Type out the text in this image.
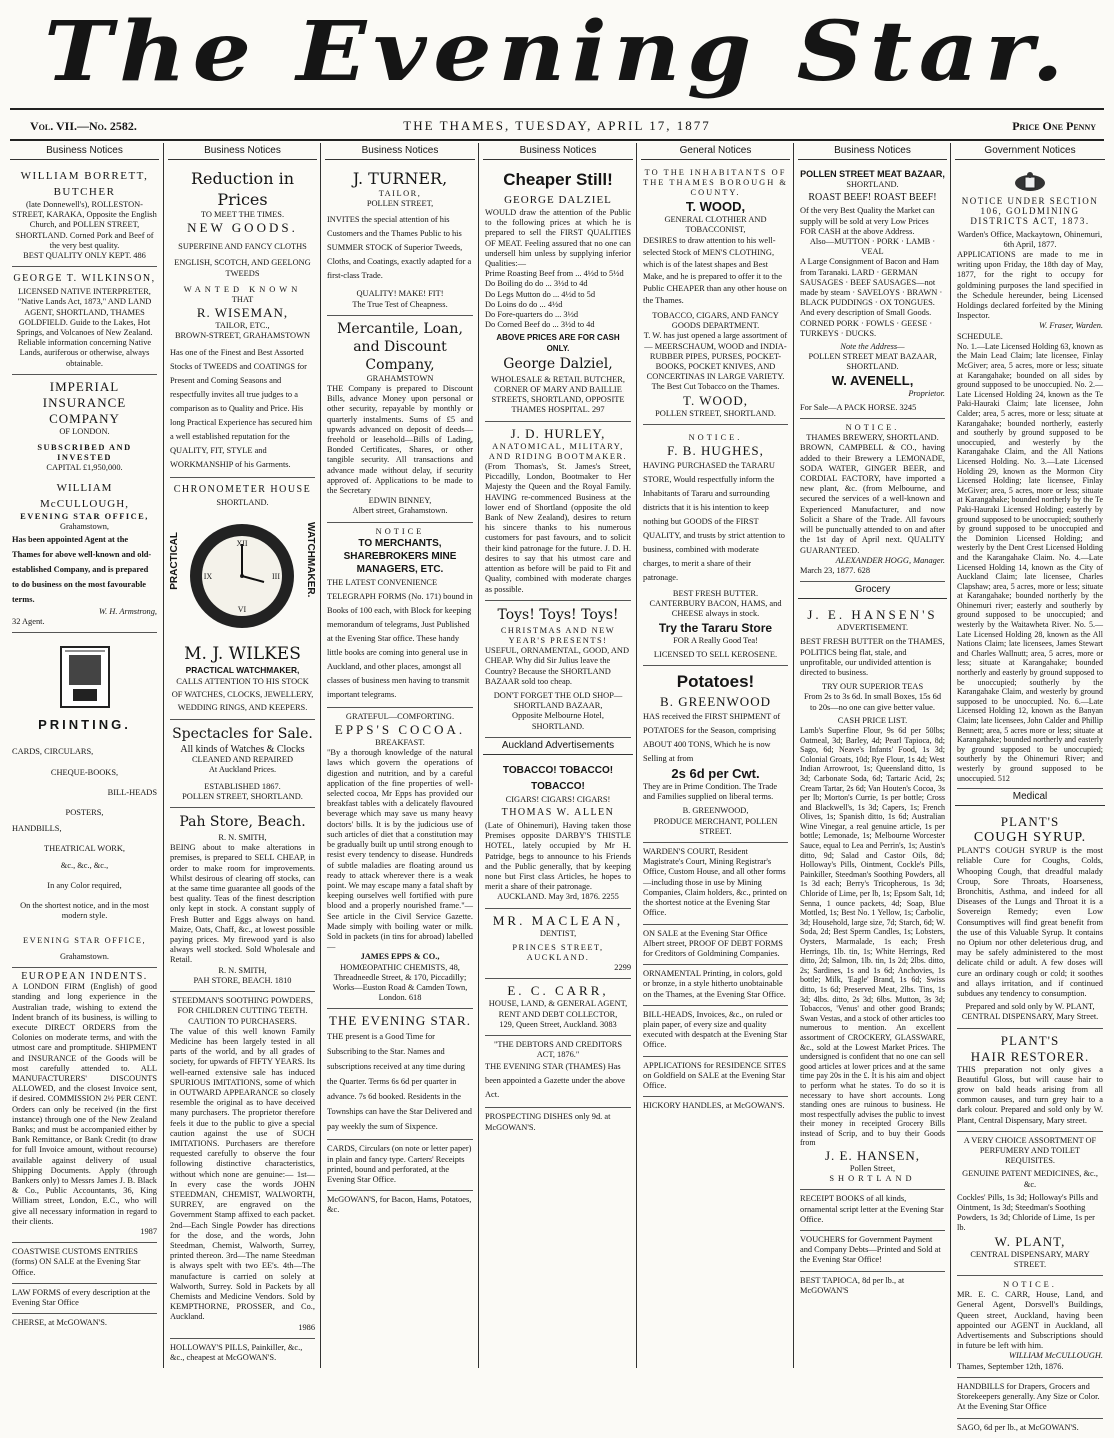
The Evening Star.
Vol. VII.—No. 2582.	THE THAMES, TUESDAY, APRIL 17, 1877	Price One Penny
Business Notices

WILLIAM BORRETT, BUTCHER

(late Donnewell's), ROLLESTON-STREET, KARAKA, Opposite the English Church, and POLLEN STREET, SHORTLAND. Corned Pork and Beef of the very best quality.

BEST QUALITY ONLY KEPT. 486

GEORGE T. WILKINSON,

LICENSED NATIVE INTERPRETER, "Native Lands Act, 1873," AND LAND AGENT, SHORTLAND, THAMES GOLDFIELD. Guide to the Lakes, Hot Springs, and Volcanoes of New Zealand. Reliable information concerning Native Lands, auriferous or otherwise, always obtainable.

IMPERIAL

INSURANCE COMPANY

OF LONDON.

SUBSCRIBED AND INVESTED

CAPITAL £1,950,000.

WILLIAM McCULLOUGH,

EVENING STAR OFFICE,

Grahamstown,

Has been appointed Agent at the Thames for above well-known and old-established Company, and is prepared to do business on the most favourable terms.

W. H. Armstrong,

32 Agent.

PRINTING.

CARDS, CIRCULARS,

CHEQUE-BOOKS,

BILL-HEADS

POSTERS,

HANDBILLS,

THEATRICAL WORK,

&c., &c., &c.,

In any Color required,

On the shortest notice, and in the most modern style.

EVENING STAR OFFICE,

Grahamstown.

EUROPEAN INDENTS.

A LONDON FIRM (English) of good standing and long experience in the Australian trade, wishing to extend the Indent branch of its business, is willing to execute DIRECT ORDERS from the Colonies on moderate terms, and with the utmost care and promptitude. SHIPMENT and INSURANCE of the Goods will be most carefully attended to. ALL MANUFACTURERS' DISCOUNTS ALLOWED, and the closest Invoice sent, if desired. COMMISSION 2½ PER CENT. Orders can only be received (in the first instance) through one of the New Zealand Banks; and must be accompanied either by Bank Remittance, or Bank Credit (to draw for full Invoice amount, without recourse) available against delivery of usual Shipping Documents. Apply (through Bankers only) to Messrs James J. B. Black & Co., Public Accountants, 36, King William street, London, E.C., who will give all necessary information in regard to their clients.

1987

COASTWISE CUSTOMS ENTRIES (forms) ON SALE at the Evening Star Office.

LAW FORMS of every description at the Evening Star Office

CHERSE, at McGOWAN'S.

Business Notices

Reduction in Prices

TO MEET THE TIMES.

NEW GOODS.

SUPERFINE AND FANCY CLOTHS

ENGLISH, SCOTCH, AND GEELONG TWEEDS

WANTED KNOWN

THAT

R. WISEMAN,

TAILOR, ETC.,

BROWN-STREET, GRAHAMSTOWN

Has one of the Finest and Best Assorted Stocks of TWEEDS and COATINGS for Present and Coming Seasons and respectfully invites all true judges to a comparison as to Quality and Price. His long Practical Experience has secured him a well established reputation for the QUALITY, FIT, STYLE and WORKMANSHIP of his Garments.

CHRONOMETER HOUSE

SHORTLAND.

PRACTICAL	XII
III
VI
IX	WATCHMAKER.

M. J. WILKES

PRACTICAL WATCHMAKER,

CALLS ATTENTION TO HIS STOCK OF WATCHES, CLOCKS, JEWELLERY, WEDDING RINGS, AND KEEPERS.

Spectacles for Sale.

All kinds of Watches & Clocks

CLEANED AND REPAIRED

At Auckland Prices.

ESTABLISHED 1867.

POLLEN STREET, SHORTLAND.

Pah Store, Beach.

R. N. SMITH,

BEING about to make alterations in premises, is prepared to SELL CHEAP, in order to make room for improvements. Whilst desirous of clearing off stocks, can at the same time guarantee all goods of the best quality. Teas of the finest description only kept in stock. A constant supply of Fresh Butter and Eggs always on hand. Maize, Oats, Chaff, &c., at lowest possible paying prices. My firewood yard is also always well stocked. Sold Wholesale and Retail.

R. N. SMITH,

PAH STORE, BEACH. 1810

STEEDMAN'S SOOTHING POWDERS, FOR CHILDREN CUTTING TEETH.

CAUTION TO PURCHASERS.

The value of this well known Family Medicine has been largely tested in all parts of the world, and by all grades of society, for upwards of FIFTY YEARS. Its well-earned extensive sale has induced SPURIOUS IMITATIONS, some of which in OUTWARD APPEARANCE so closely resemble the original as to have deceived many purchasers. The proprietor therefore feels it due to the public to give a special caution against the use of SUCH IMITATIONS. Purchasers are therefore requested carefully to observe the four following distinctive characteristics, without which none are genuine:— 1st—In every case the words JOHN STEEDMAN, CHEMIST, WALWORTH, SURREY, are engraved on the Government Stamp affixed to each packet. 2nd—Each Single Powder has directions for the dose, and the words, John Steedman, Chemist, Walworth, Surrey, printed thereon. 3rd—The name Steedman is always spelt with two EE's. 4th—The manufacture is carried on solely at Walworth, Surrey. Sold in Packets by all Chemists and Medicine Vendors. Sold by KEMPTHORNE, PROSSER, and Co., Auckland.

1986

HOLLOWAY'S PILLS, Painkiller, &c., &c., cheapest at McGOWAN'S.

Business Notices

J. TURNER,

TAILOR,

POLLEN STREET,

INVITES the special attention of his Customers and the Thames Public to his SUMMER STOCK of Superior Tweeds, Cloths, and Coatings, exactly adapted for a first-class Trade.

QUALITY! MAKE! FIT!

The True Test of Cheapness.

Mercantile, Loan, and Discount Company,

GRAHAMSTOWN

THE Company is prepared to Discount Bills, advance Money upon personal or other security, repayable by monthly or quarterly instalments. Sums of £5 and upwards advanced on deposit of deeds—freehold or leasehold—Bills of Lading, Bonded Certificates, Shares, or other tangible security. All transactions and advance made without delay, if security approved of. Applications to be made to the Secretary

EDWIN BINNEY,

Albert street, Grahamstown.

NOTICE

TO MERCHANTS, SHAREBROKERS MINE MANAGERS, ETC.

THE LATEST CONVENIENCE TELEGRAPH FORMS (No. 171) bound in Books of 100 each, with Block for keeping memorandum of telegrams, Just Published at the Evening Star office. These handy little books are coming into general use in Auckland, and other places, amongst all classes of business men having to transmit important telegrams.

GRATEFUL—COMFORTING.

EPPS'S COCOA.

BREAKFAST.

"By a thorough knowledge of the natural laws which govern the operations of digestion and nutrition, and by a careful application of the fine properties of well-selected cocoa, Mr Epps has provided our breakfast tables with a delicately flavoured beverage which may save us many heavy doctors' bills. It is by the judicious use of such articles of diet that a constitution may be gradually built up until strong enough to resist every tendency to disease. Hundreds of subtle maladies are floating around us ready to attack wherever there is a weak point. We may escape many a fatal shaft by keeping ourselves well fortified with pure blood and a properly nourished frame."—See article in the Civil Service Gazette. Made simply with boiling water or milk. Sold in packets (in tins for abroad) labelled—

JAMES EPPS & CO.,

HOMŒOPATHIC CHEMISTS, 48, Threadneedle Street, & 170, Piccadilly; Works—Euston Road & Camden Town, London. 618

THE EVENING STAR.

THE present is a Good Time for Subscribing to the Star. Names and subscriptions received at any time during the Quarter. Terms 6s 6d per quarter in advance. 7s 6d booked. Residents in the Townships can have the Star Delivered and pay weekly the sum of Sixpence.

CARDS, Circulars (on note or letter paper) in plain and fancy type. Carters' Receipts printed, bound and perforated, at the Evening Star Office.

McGOWAN'S, for Bacon, Hams, Potatoes, &c.

Business Notices

Cheaper Still!

GEORGE DALZIEL

WOULD draw the attention of the Public to the following prices at which he is prepared to sell the FIRST QUALITIES OF MEAT. Feeling assured that no one can undersell him unless by supplying inferior Qualities:—

Prime Roasting Beef from ... 4½d to 5½d

Do Boiling do do ... 3½d to 4d

Do Legs Mutton do ... 4½d to 5d

Do Loins do do ... 4½d

Do Fore-quarters do ... 3½d

Do Corned Beef do ... 3½d to 4d

ABOVE PRICES ARE FOR CASH ONLY.

George Dalziel,

WHOLESALE & RETAIL BUTCHER, CORNER OF MARY AND BAILLIE STREETS, SHORTLAND, OPPOSITE THAMES HOSPITAL. 297

J. D. HURLEY,

ANATOMICAL, MILITARY, AND RIDING BOOTMAKER.

(From Thomas's, St. James's Street, Piccadilly, London, Bootmaker to Her Majesty the Queen and the Royal Family. HAVING re-commenced Business at the lower end of Shortland (opposite the old Bank of New Zealand), desires to return his sincere thanks to his numerous customers for past favours, and to solicit their kind patronage for the future. J. D. H. desires to say that his utmost care and attention as before will be paid to Fit and Quality, combined with moderate charges as possible.

Toys! Toys! Toys!

CHRISTMAS AND NEW YEAR'S PRESENTS!

USEFUL, ORNAMENTAL, GOOD, AND CHEAP. Why did Sir Julius leave the Country? Because the SHORTLAND BAZAAR sold too cheap.

DON'T FORGET THE OLD SHOP—SHORTLAND BAZAAR,

Opposite Melbourne Hotel, SHORTLAND.

Auckland Advertisements

TOBACCO! TOBACCO! TOBACCO!

CIGARS! CIGARS! CIGARS!

THOMAS W. ALLEN

(Late of Ohinemuri), Having taken those Premises opposite DARBY'S THISTLE HOTEL, lately occupied by Mr H. Patridge, begs to announce to his Friends and the Public generally, that by keeping none but First class Articles, he hopes to merit a share of their patronage.

AUCKLAND. May 3rd, 1876. 2255

MR. MACLEAN,

DENTIST,

PRINCES STREET, AUCKLAND.

2299

E. C. CARR,

HOUSE, LAND, & GENERAL AGENT, RENT AND DEBT COLLECTOR,

129, Queen Street, Auckland. 3083

"THE DEBTORS AND CREDITORS ACT, 1876."

THE EVENING STAR (THAMES) Has been appointed a Gazette under the above Act.

PROSPECTING DISHES only 9d. at McGOWAN'S.

General Notices

TO THE INHABITANTS OF THE THAMES BOROUGH & COUNTY.

T. WOOD,

GENERAL CLOTHIER AND TOBACCONIST,

DESIRES to draw attention to his well-selected Stock of MEN'S CLOTHING, which is of the latest shapes and Best Make, and he is prepared to offer it to the Public CHEAPER than any other house on the Thames.

TOBACCO, CIGARS, AND FANCY GOODS DEPARTMENT.

T. W. has just opened a large assortment of— MEERSCHAUM, WOOD and INDIA-RUBBER PIPES, PURSES, POCKET-BOOKS, POCKET KNIVES, AND CONCERTINAS IN LARGE VARIETY. The Best Cut Tobacco on the Thames.

T. WOOD,

POLLEN STREET, SHORTLAND.

NOTICE.

F. B. HUGHES,

HAVING PURCHASED the TARARU STORE, Would respectfully inform the Inhabitants of Tararu and surrounding districts that it is his intention to keep nothing but GOODS of the FIRST QUALITY, and trusts by strict attention to business, combined with moderate charges, to merit a share of their patronage.

BEST FRESH BUTTER.

CANTERBURY BACON, HAMS, and CHEESE always in stock.

Try the Tararu Store

FOR A Really Good Tea!

LICENSED TO SELL KEROSENE.

Potatoes!

B. GREENWOOD

HAS received the FIRST SHIPMENT of POTATOES for the Season, comprising ABOUT 400 TONS, Which he is now Selling at from

2s 6d per Cwt.

They are in Prime Condition. The Trade and Families supplied on liberal terms.

B. GREENWOOD,

PRODUCE MERCHANT, POLLEN STREET.

WARDEN'S COURT, Resident Magistrate's Court, Mining Registrar's Office, Custom House, and all other forms—including those in use by Mining Companies, Claim holders, &c., printed on the shortest notice at the Evening Star Office.

ON SALE at the Evening Star Office Albert street, PROOF OF DEBT FORMS for Creditors of Goldmining Companies.

ORNAMENTAL Printing, in colors, gold or bronze, in a style hitherto unobtainable on the Thames, at the Evening Star Office.

BILL-HEADS, Invoices, &c., on ruled or plain paper, of every size and quality executed with despatch at the Evening Star Office.

APPLICATIONS for RESIDENCE SITES on Goldfield on SALE at the Evening Star Office.

HICKORY HANDLES, at McGOWAN'S.

Business Notices

POLLEN STREET MEAT BAZAAR,

SHORTLAND.

ROAST BEEF! ROAST BEEF!

Of the very Best Quality the Market can supply will be sold at very Low Prices FOR CASH at the above Address.

Also—MUTTON · PORK · LAMB · VEAL

A Large Consignment of Bacon and Ham from Taranaki. LARD · GERMAN SAUSAGES · BEEF SAUSAGES—not made by steam · SAVELOYS · BRAWN · BLACK PUDDINGS · OX TONGUES. And every description of Small Goods. CORNED PORK · FOWLS · GEESE · TURKEYS · DUCKS.

Note the Address—

POLLEN STREET MEAT BAZAAR, SHORTLAND.

W. AVENELL,

Proprietor.

For Sale—A PACK HORSE. 3245

NOTICE.

THAMES BREWERY, SHORTLAND.

BROWN, CAMPBELL & CO., having added to their Brewery a LEMONADE, SODA WATER, GINGER BEER, and CORDIAL FACTORY, have imported a new plant, &c. (from Melbourne, and secured the services of a well-known and Experienced Manufacturer, and now Solicit a Share of the Trade. All favours will be punctually attended to on and after the 1st day of April next. QUALITY GUARANTEED.

ALEXANDER HOGG, Manager.

March 23, 1877. 628

Grocery

J. E. HANSEN'S

ADVERTISEMENT.

BEST FRESH BUTTER on the THAMES,

POLITICS being flat, stale, and unprofitable, our undivided attention is directed to business.

TRY OUR SUPERIOR TEAS

From 2s to 3s 6d. In small Boxes, 15s 6d to 20s—no one can give better value.

CASH PRICE LIST.

Lamb's Superfine Flour, 9s 6d per 50lbs; Oatmeal, 3d; Barley, 4d; Pearl Tapioca, 8d; Sago, 6d; Neave's Infants' Food, 1s 3d; Colonial Groats, 10d; Rye Flour, 1s 4d; West Indian Arrowroot, 1s; Queensland ditto, 1s 3d; Carbonate Soda, 6d; Tartaric Acid, 2s; Cream Tartar, 2s 6d; Van Houten's Cocoa, 3s per lb; Morton's Currie, 1s per bottle; Cross and Blackwell's, 1s 3d; Capers, 1s; French Olives, 1s; Spanish ditto, 1s 6d; Australian Wine Vinegar, a real genuine article, 1s per bottle; Lemonade, 1s; Melbourne Worcester Sauce, equal to Lea and Perrin's, 1s; Austin's ditto, 9d; Salad and Castor Oils, 8d; Holloway's Pills, Ointment, Cockle's Pills, Painkiller, Steedman's Soothing Powders, all 1s 3d each; Berry's Tricopherous, 1s 3d; Chloride of Lime, per lb, 1s; Epsom Salt, 1d; Senna, 1 ounce packets, 4d; Soap, Blue Mottled, 1s; Best No. 1 Yellow, 1s; Carbolic, 3d; Household, large size, 7d; Starch, 6d; W. Soda, 2d; Best Sperm Candles, 1s; Lobsters, Oysters, Marmalade, 1s each; Fresh Herrings, 1lb. tin, 1s; White Herrings, Red ditto, 2d; Salmon, 1lb. tin, 1s 2d; 2lbs. ditto, 2s; Sardines, 1s and 1s 6d; Anchovies, 1s bottle; Milk, 'Eagle' Brand, 1s 6d; Swiss ditto, 1s 6d; Preserved Meat, 2lbs. Tins, 1s 3d; 4lbs. ditto, 2s 3d; 6lbs. Mutton, 3s 3d; Tobaccos, 'Venus' and other good Brands; Swan Vestas, and a stock of other articles too numerous to mention. An excellent assortment of CROCKERY, GLASSWARE, &c., sold at the Lowest Market Prices. The undersigned is confident that no one can sell good articles at lower prices and at the same time pay 20s in the £. It is his aim and object to perform what he states. To do so it is necessary to have short accounts. Long standing ones are ruinous to business. He most respectfully advises the public to invest their money in receipted Grocery Bills instead of Scrip, and to buy their Goods from

J. E. HANSEN,

Pollen Street,

SHORTLAND

RECEIPT BOOKS of all kinds, ornamental script letter at the Evening Star Office.

VOUCHERS for Government Payment and Company Debts—Printed and Sold at the Evening Star Office!

BEST TAPIOCA, 8d per lb., at McGOWAN'S

Government Notices

NOTICE UNDER SECTION 106, GOLDMINING DISTRICTS ACT, 1873.

Warden's Office, Mackaytown, Ohinemuri, 6th April, 1877.

APPLICATIONS are made to me in writing upon Friday, the 18th day of May, 1877, for the right to occupy for goldmining purposes the land specified in the Schedule hereunder, being Licensed Holdings declared forfeited by the Mining Inspector.

W. Fraser, Warden.

SCHEDULE.

No. 1.—Late Licensed Holding 63, known as the Main Lead Claim; late licensee, Finlay McGiver; area, 5 acres, more or less; situate at Karangahake; bounded on all sides by ground supposed to be unoccupied. No. 2.—Late Licensed Holding 24, known as the Te Paki-Hauraki Claim; late licensee, John Calder; area, 5 acres, more or less; situate at Karangahake; bounded northerly, easterly and southerly by ground supposed to be unoccupied, and westerly by the Karangahake Claim, and the All Nations Licensed Holding. No. 3.—Late Licensed Holding 29, known as the Mormon City Licensed Holding; late licensee, Finlay McGiver; area, 5 acres, more or less; situate at Karangahake; bounded northerly by the Te Paki-Hauraki Licensed Holding; easterly by ground supposed to be unoccupied; southerly by ground supposed to be unoccupied and the Dominion Licensed Holding; and westerly by the Dent Crest Licensed Holding and the Karangahake Claim. No. 4.—Late Licensed Holding 14, known as the City of Auckland Claim; late licensee, Charles Clapshaw; area, 5 acres, more or less; situate at Karangahake; bounded northerly by the Ohinemuri river; easterly and southerly by ground supposed to be unoccupied; and westerly by the Waitawheta River. No. 5.—Late Licensed Holding 28, known as the All Nations Claim; late licensees, James Stewart and Charles Wallnutt; area, 5 acres, more or less; situate at Karangahake; bounded northerly and easterly by ground supposed to be unoccupied; southerly by the Karangahake Claim, and westerly by ground supposed to be unoccupied. No. 6.—Late Licensed Holding 12, known as the Banyan Claim; late licensees, John Calder and Phillip Bennett; area, 5 acres more or less; situate at Karangahake; bounded northerly and easterly by ground supposed to be unoccupied; southerly by the Ohinemuri River; and westerly by ground supposed to be unoccupied. 512

Medical

PLANT'S

COUGH SYRUP.

PLANT'S COUGH SYRUP is the most reliable Cure for Coughs, Colds, Whooping Cough, that dreadful malady Croup, Sore Throats, Hoarseness, Bronchitis, Asthma, and indeed for all Diseases of the Lungs and Throat it is a Sovereign Remedy; even Low Consumptives will find great benefit from the use of this Valuable Syrup. It contains no Opium nor other deleterious drug, and may be safely administered to the most delicate child or adult. A few doses will cure an ordinary cough or cold; it soothes and allays irritation, and if continued subdues any tendency to consumption.

Prepared and sold only by W. PLANT, CENTRAL DISPENSARY, Mary Street.

PLANT'S

HAIR RESTORER.

THIS preparation not only gives a Beautiful Gloss, but will cause hair to grow on bald heads arising from all common causes, and turn grey hair to a dark colour. Prepared and sold only by W. Plant, Central Dispensary, Mary street.

A VERY CHOICE ASSORTMENT OF PERFUMERY AND TOILET REQUISITES.

GENUINE PATENT MEDICINES, &c., &c.

Cockles' Pills, 1s 3d; Holloway's Pills and Ointment, 1s 3d; Steedman's Soothing Powders, 1s 3d; Chloride of Lime, 1s per lb.

W. PLANT,

CENTRAL DISPENSARY, MARY STREET.

NOTICE.

MR. E. C. CARR, House, Land, and General Agent, Dorsvell's Buildings, Queen street, Auckland, having been appointed our AGENT in Auckland, all Advertisements and Subscriptions should in future be left with him.

WILLIAM McCULLOUGH.

Thames, September 12th, 1876.

HANDBILLS for Drapers, Grocers and Storekeepers generally. Any Size or Color. At the Evening Star Office

SAGO, 6d per lb., at McGOWAN'S.
